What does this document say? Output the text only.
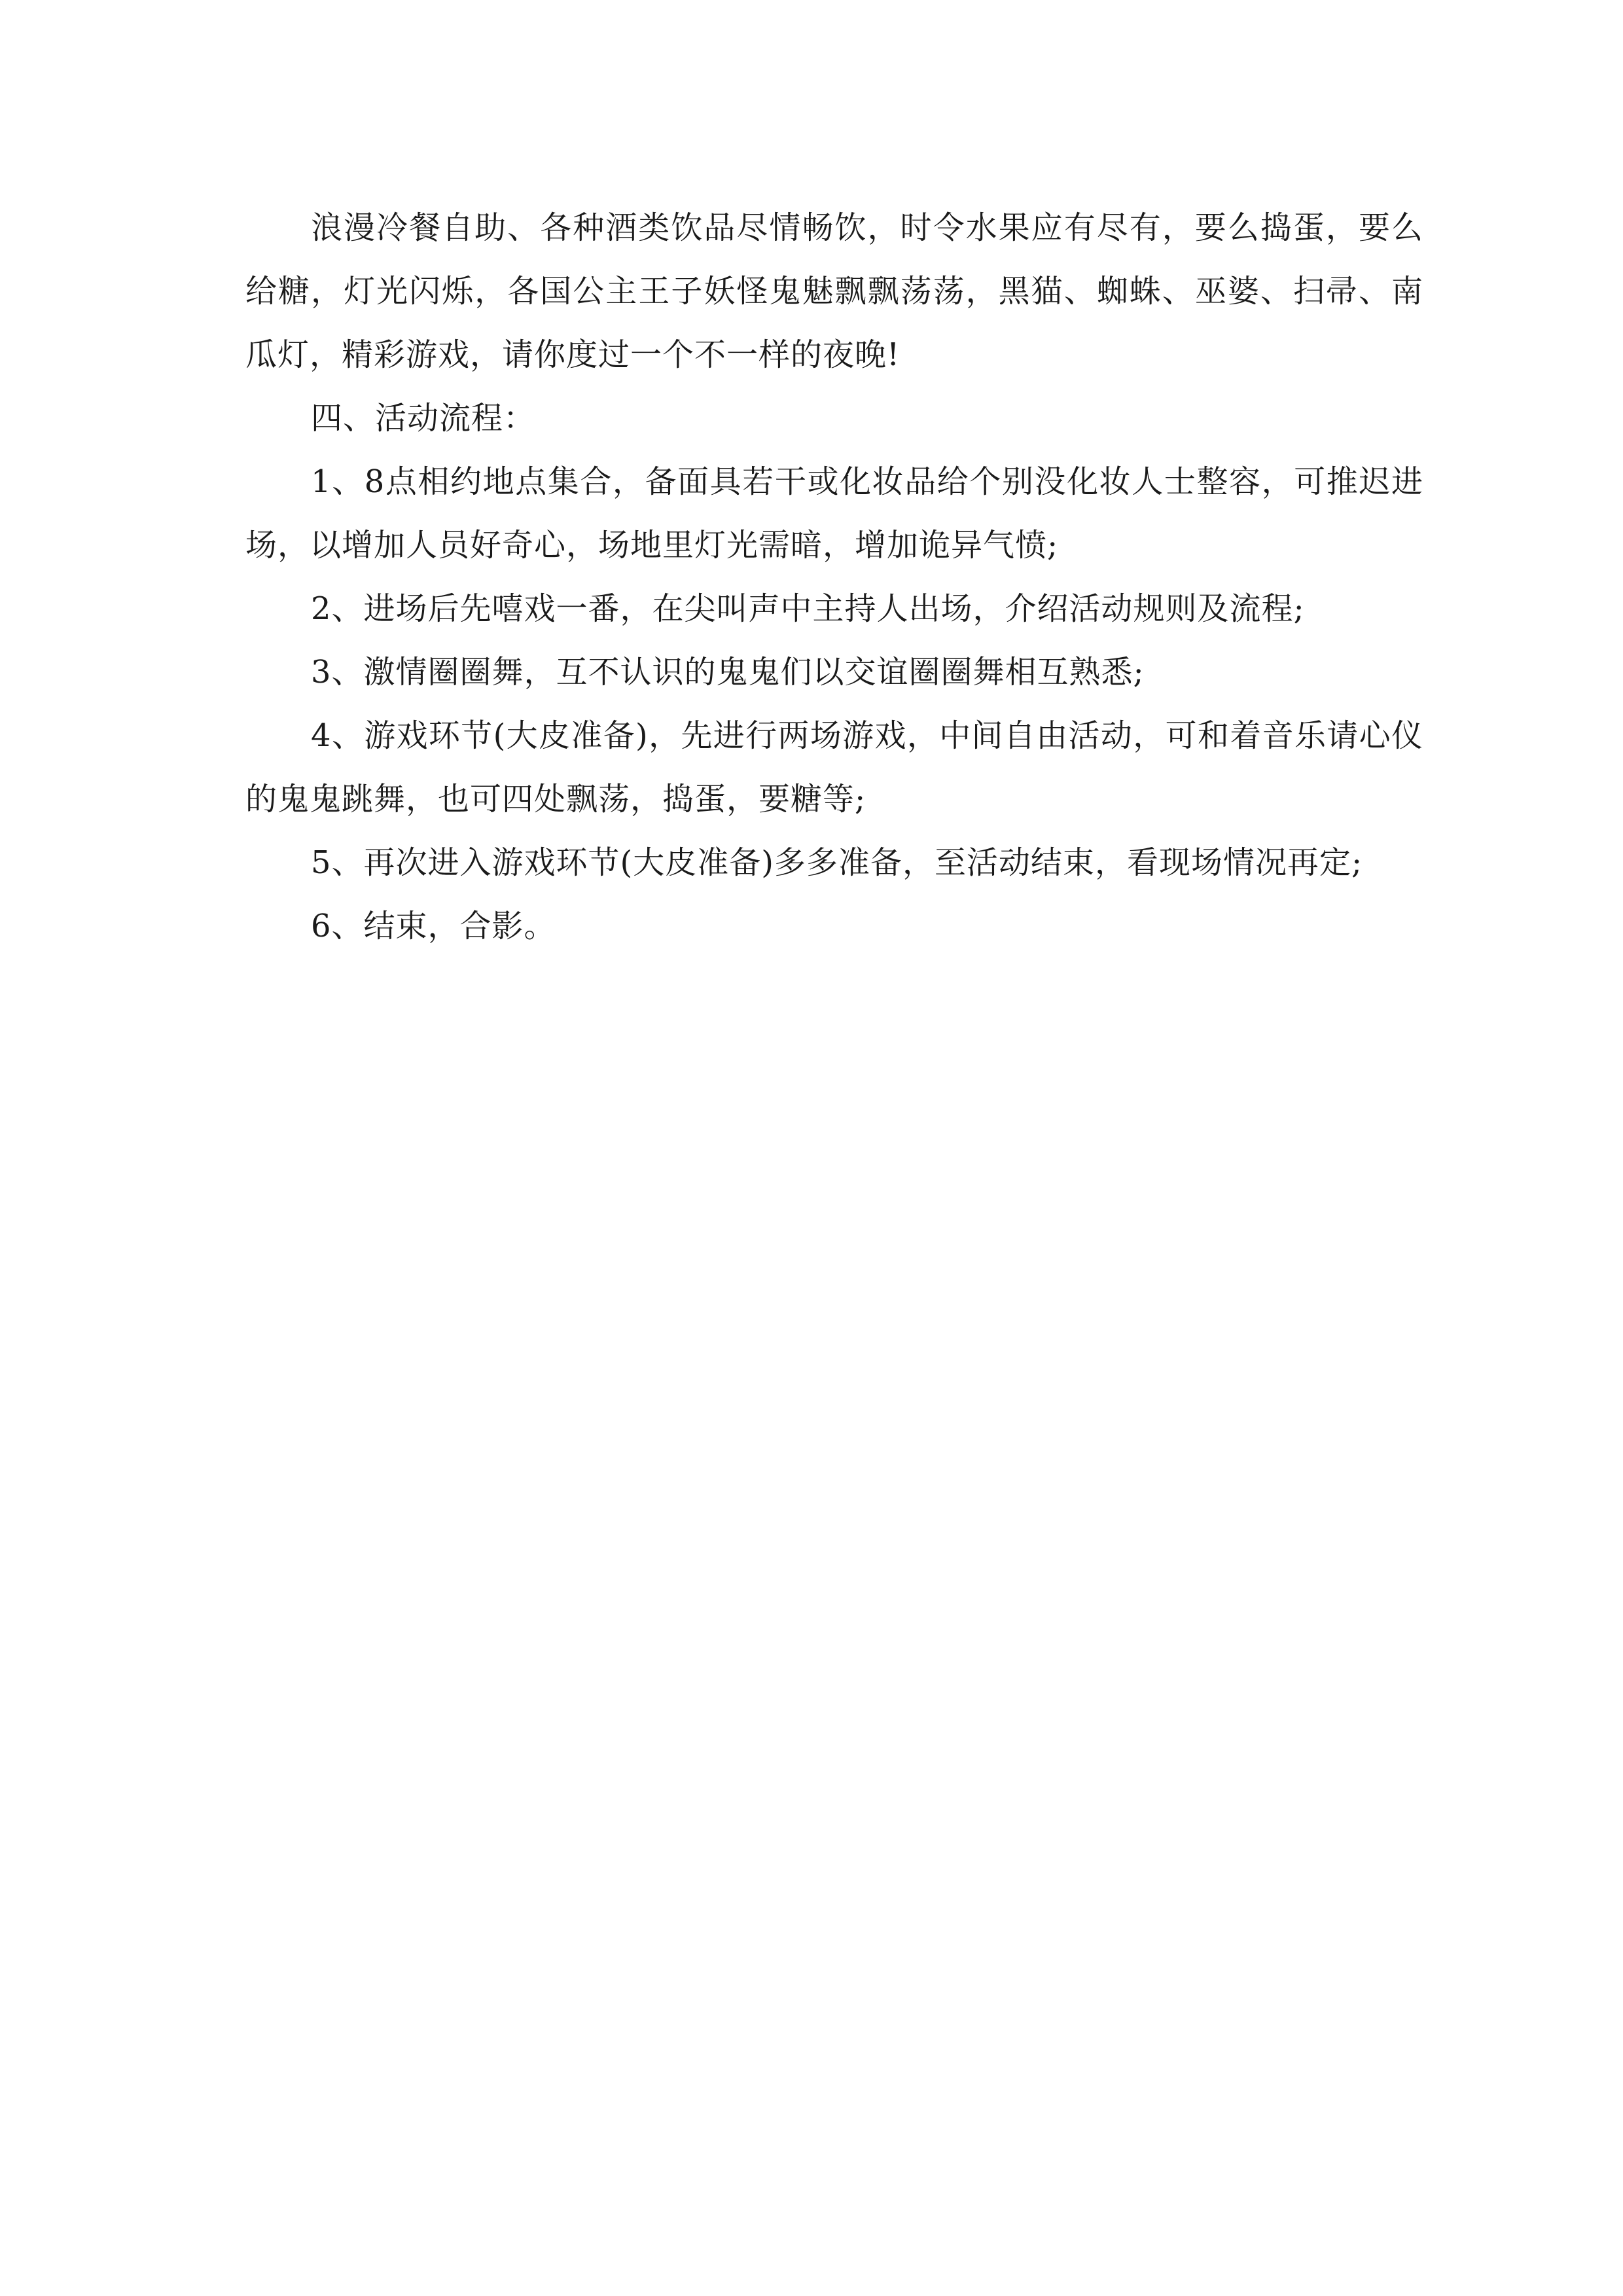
浪漫冷餐自助、各种酒类饮品尽情畅饮，时令水果应有尽有，要么捣蛋，要么给糖，灯光闪烁，各国公主王子妖怪鬼魅飘飘荡荡，黑猫、蜘蛛、巫婆、扫帚、南瓜灯，精彩游戏，请你度过一个不一样的夜晚!

四、活动流程：

1、8点相约地点集合，备面具若干或化妆品给个别没化妆人士整容，可推迟进场，以增加人员好奇心，场地里灯光需暗，增加诡异气愤;

2、进场后先嘻戏一番，在尖叫声中主持人出场，介绍活动规则及流程;

3、激情圈圈舞，互不认识的鬼鬼们以交谊圈圈舞相互熟悉;

4、游戏环节(大皮准备)，先进行两场游戏，中间自由活动，可和着音乐请心仪的鬼鬼跳舞，也可四处飘荡，捣蛋，要糖等;

5、再次进入游戏环节(大皮准备)多多准备，至活动结束，看现场情况再定;

6、结束，合影。
